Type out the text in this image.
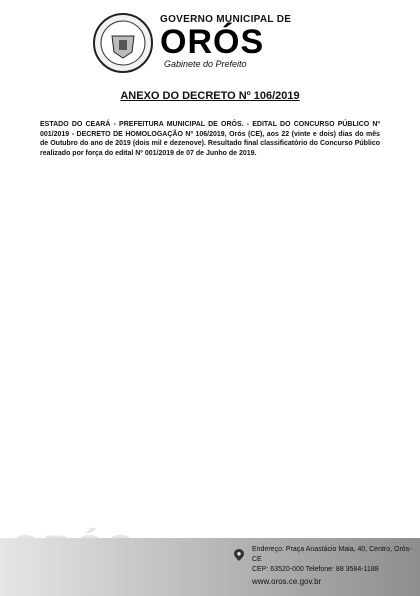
GOVERNO MUNICIPAL DE
ORÓS
Gabinete do Prefeito
ANEXO DO DECRETO Nº 106/2019
ESTADO DO CEARÁ - PREFEITURA MUNICIPAL DE ORÓS. - EDITAL DO CONCURSO PÚBLICO Nº 001/2019 - DECRETO DE HOMOLOGAÇÃO Nº 106/2019, Orós (CE), aos 22 (vinte e dois) dias do mês de Outubro do ano de 2019 (dois mil e dezenove). Resultado final classificatório do Concurso Público realizado por força do edital Nº 001/2019 de 07 de Junho de 2019.
Endereço: Praça Anastácio Maia, 40, Centro, Orós-CE
CEP: 63520-000 Telefone: 88 3584-1188
www.oros.ce.gov.br
